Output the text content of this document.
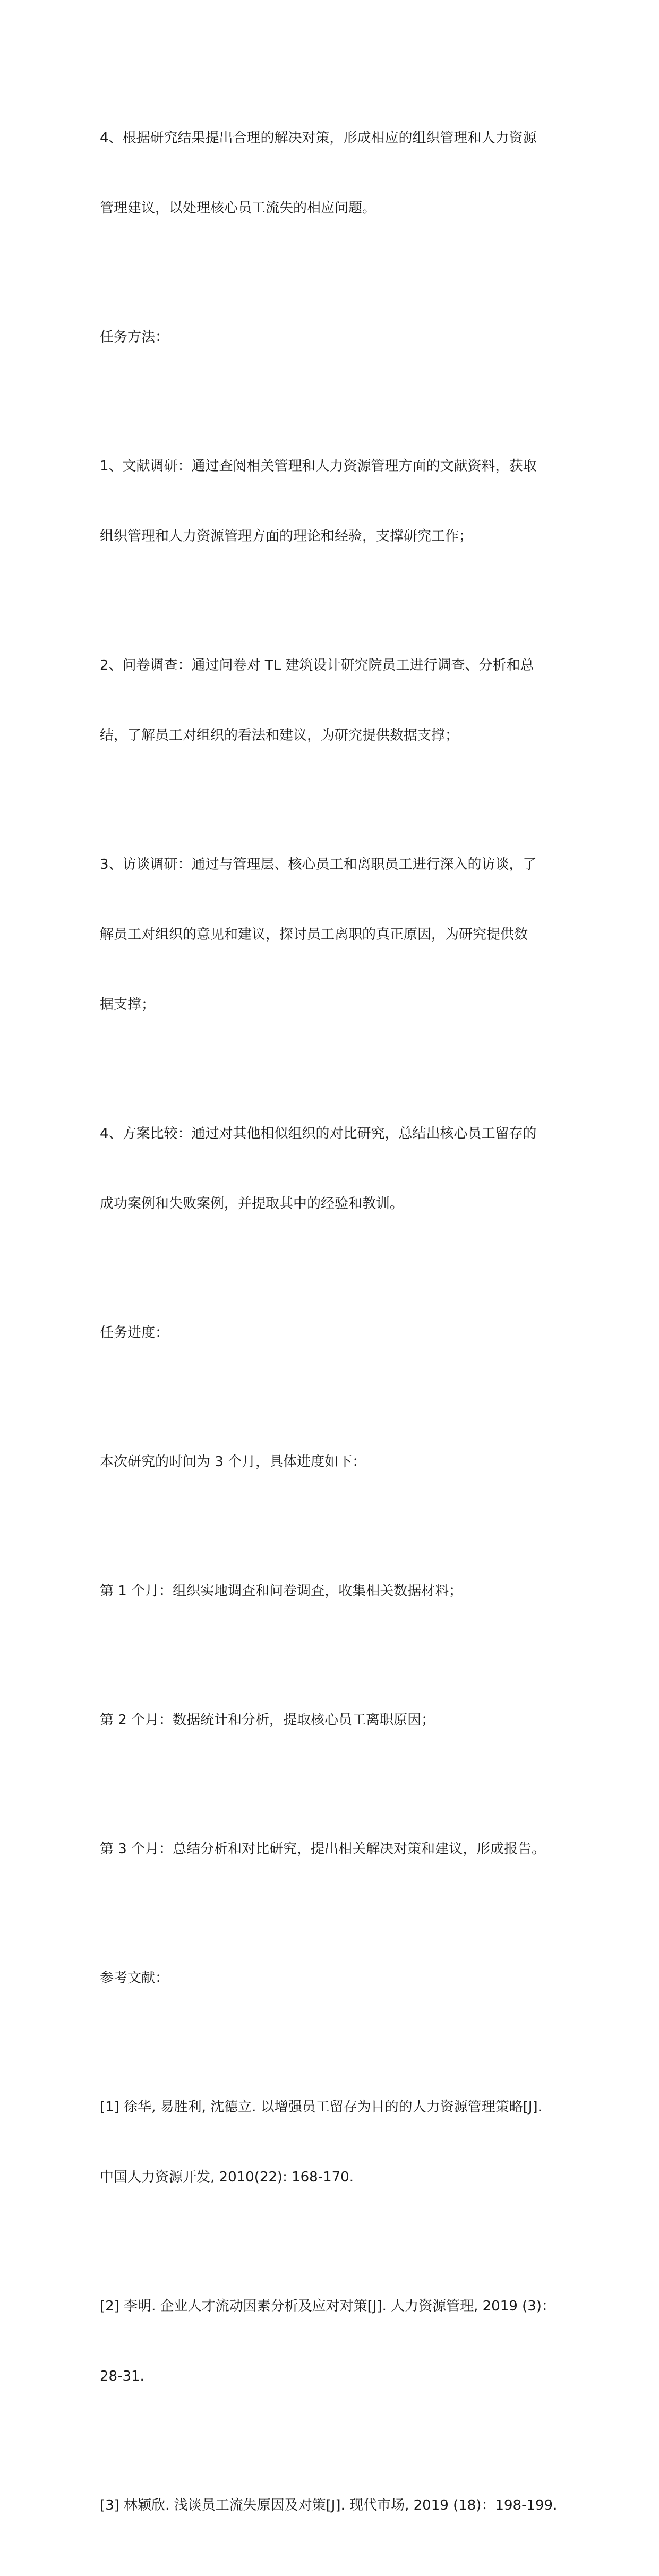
4、根据研究结果提出合理的解决对策，形成相应的组织管理和人力资源

管理建议，以处理核心员工流失的相应问题。

任务方法：

1、文献调研：通过查阅相关管理和人力资源管理方面的文献资料，获取

组织管理和人力资源管理方面的理论和经验，支撑研究工作；

2、问卷调查：通过问卷对 TL 建筑设计研究院员工进行调查、分析和总

结，了解员工对组织的看法和建议，为研究提供数据支撑；

3、访谈调研：通过与管理层、核心员工和离职员工进行深入的访谈，了

解员工对组织的意见和建议，探讨员工离职的真正原因，为研究提供数

据支撑；

4、方案比较：通过对其他相似组织的对比研究，总结出核心员工留存的

成功案例和失败案例，并提取其中的经验和教训。

任务进度：

本次研究的时间为 3 个月，具体进度如下：

第 1 个月：组织实地调查和问卷调查，收集相关数据材料；

第 2 个月：数据统计和分析，提取核心员工离职原因；

第 3 个月：总结分析和对比研究，提出相关解决对策和建议，形成报告。

参考文献：

[1] 徐华, 易胜利, 沈德立. 以增强员工留存为目的的人力资源管理策略[J].

中国人力资源开发, 2010(22): 168-170.

[2] 李明. 企业人才流动因素分析及应对对策[J]. 人力资源管理, 2019 (3)：

28-31.

[3] 林颖欣. 浅谈员工流失原因及对策[J]. 现代市场, 2019 (18)：198-199.
